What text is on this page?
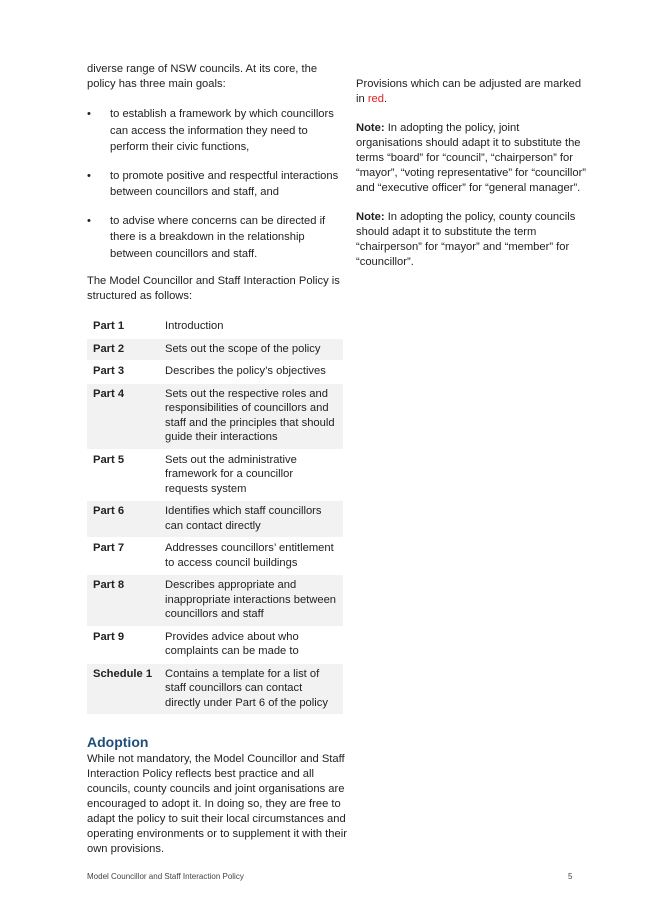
diverse range of NSW councils. At its core, the policy has three main goals:

• to establish a framework by which councillors can access the information they need to perform their civic functions,
• to promote positive and respectful interactions between councillors and staff, and
• to advise where concerns can be directed if there is a breakdown in the relationship between councillors and staff.

The Model Councillor and Staff Interaction Policy is structured as follows:

Part 1	Introduction
Part 2	Sets out the scope of the policy
Part 3	Describes the policy’s objectives
Part 4	Sets out the respective roles and responsibilities of councillors and staff and the principles that should guide their interactions
Part 5	Sets out the administrative framework for a councillor requests system
Part 6	Identifies which staff councillors can contact directly
Part 7	Addresses councillors’ entitlement to access council buildings
Part 8	Describes appropriate and inappropriate interactions between councillors and staff
Part 9	Provides advice about who complaints can be made to
Schedule 1	Contains a template for a list of staff councillors can contact directly under Part 6 of the policy
Adoption

While not mandatory, the Model Councillor and Staff Interaction Policy reflects best practice and all councils, county councils and joint organisations are encouraged to adopt it. In doing so, they are free to adapt the policy to suit their local circumstances and operating environments or to supplement it with their own provisions.

Provisions which can be adjusted are marked in red.

Note: In adopting the policy, joint organisations should adapt it to substitute the terms “board” for “council”, “chairperson” for “mayor”, “voting representative” for “councillor” and “executive officer” for “general manager”.

Note: In adopting the policy, county councils should adapt it to substitute the term “chairperson” for “mayor” and “member” for “councillor”.

Model Councillor and Staff Interaction Policy	5
